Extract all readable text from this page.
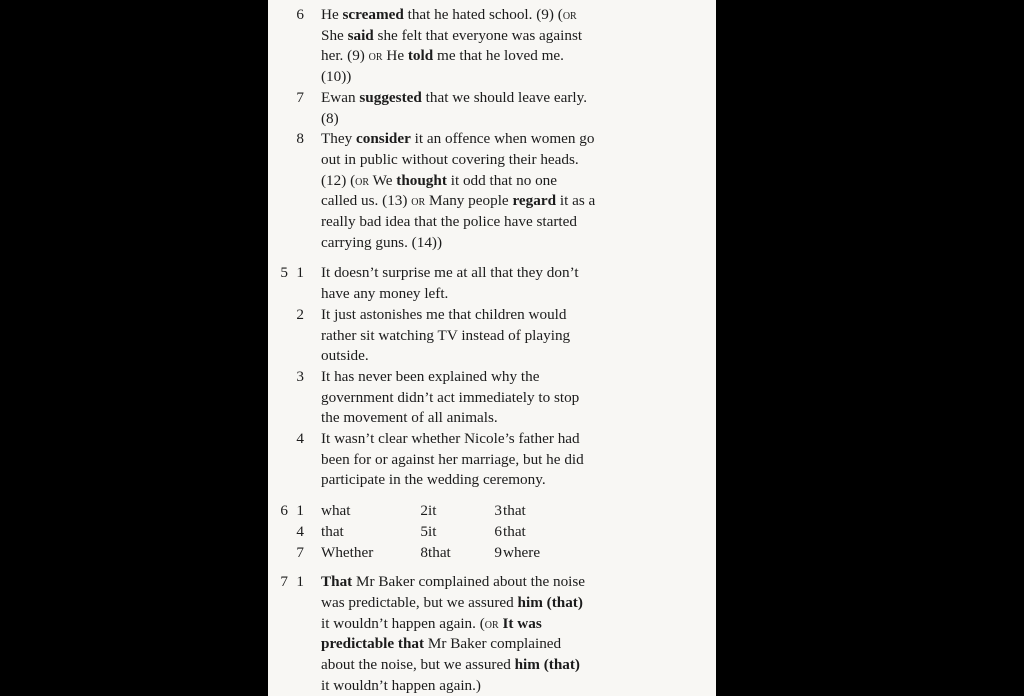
6 He screamed that he hated school. (9) (or
She said she felt that everyone was against
her. (9) or He told me that he loved me.
(10))
7 Ewan suggested that we should leave early.
(8)
8 They consider it an offence when women go
out in public without covering their heads.
(12) (or We thought it odd that no one
called us. (13) or Many people regard it as a
really bad idea that the police have started
carrying guns. (14))
5 1 It doesn’t surprise me at all that they don’t
have any money left.
2 It just astonishes me that children would
rather sit watching TV instead of playing
outside.
3 It has never been explained why the
government didn’t act immediately to stop
the movement of all animals.
4 It wasn’t clear whether Nicole’s father had
been for or against her marriage, but he did
participate in the wedding ceremony.
6 1 what	2 it	3 that
4 that	5 it	6 that
7 Whether	8 that	9 where
7 1 That Mr Baker complained about the noise
was predictable, but we assured him (that)
it wouldn’t happen again. (or It was
predictable that Mr Baker complained
about the noise, but we assured him (that)
it wouldn’t happen again.)
